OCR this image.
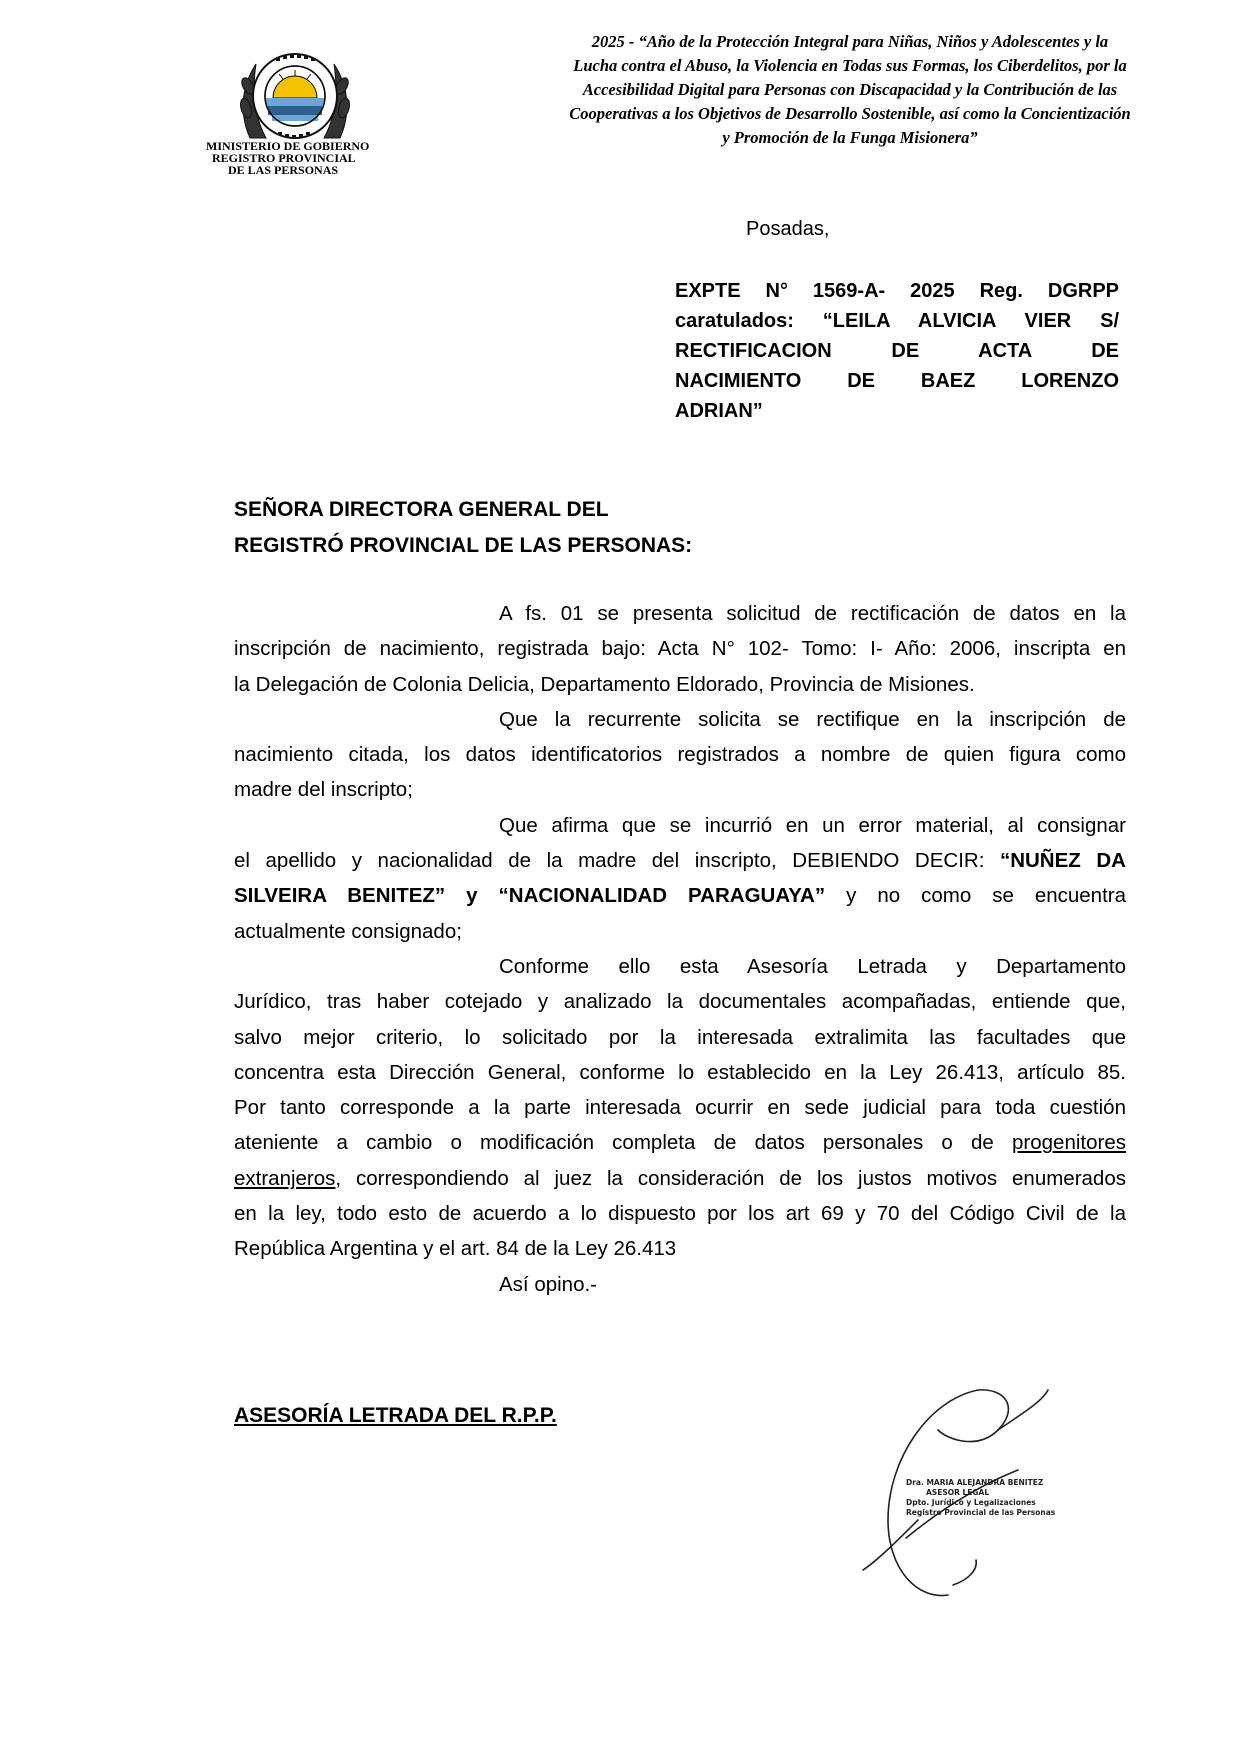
MINISTERIO DE GOBIERNO
REGISTRO PROVINCIAL
DE LAS PERSONAS
2025 - “Año de la Protección Integral para Niñas, Niños y Adolescentes y la
Lucha contra el Abuso, la Violencia en Todas sus Formas, los Ciberdelitos, por la
Accesibilidad Digital para Personas con Discapacidad y la Contribución de las
Cooperativas a los Objetivos de Desarrollo Sostenible, así como la Concientización
y Promoción de la Funga Misionera”
Posadas,
EXPTE N° 1569-A- 2025 Reg. DGRPP
caratulados: “LEILA ALVICIA VIER S/
RECTIFICACION DE ACTA DE
NACIMIENTO DE BAEZ LORENZO
ADRIAN”
SEÑORA DIRECTORA GENERAL DEL
REGISTRÓ PROVINCIAL DE LAS PERSONAS:
A fs. 01 se presenta solicitud de rectificación de datos en la
inscripción de nacimiento, registrada bajo: Acta N° 102- Tomo: I- Año: 2006, inscripta en
la Delegación de Colonia Delicia, Departamento Eldorado, Provincia de Misiones.
Que la recurrente solicita se rectifique en la inscripción de
nacimiento citada, los datos identificatorios registrados a nombre de quien figura como
madre del inscripto;
Que afirma que se incurrió en un error material, al consignar
el apellido y nacionalidad de la madre del inscripto, DEBIENDO DECIR: “NUÑEZ DA
SILVEIRA BENITEZ” y “NACIONALIDAD PARAGUAYA” y no como se encuentra
actualmente consignado;
Conforme ello esta Asesoría Letrada y Departamento
Jurídico, tras haber cotejado y analizado la documentales acompañadas, entiende que,
salvo mejor criterio, lo solicitado por la interesada extralimita las facultades que
concentra esta Dirección General, conforme lo establecido en la Ley 26.413, artículo 85.
Por tanto corresponde a la parte interesada ocurrir en sede judicial para toda cuestión
ateniente a cambio o modificación completa de datos personales o de progenitores
extranjeros, correspondiendo al juez la consideración de los justos motivos enumerados
en la ley, todo esto de acuerdo a lo dispuesto por los art 69 y 70 del Código Civil de la
República Argentina y el art. 84 de la Ley 26.413
Así opino.-
ASESORÍA LETRADA DEL R.P.P.
Dra. MARIA ALEJANDRA BENITEZ
ASESOR LEGAL
Dpto. Jurídico y Legalizaciones
Registro Provincial de las Personas
